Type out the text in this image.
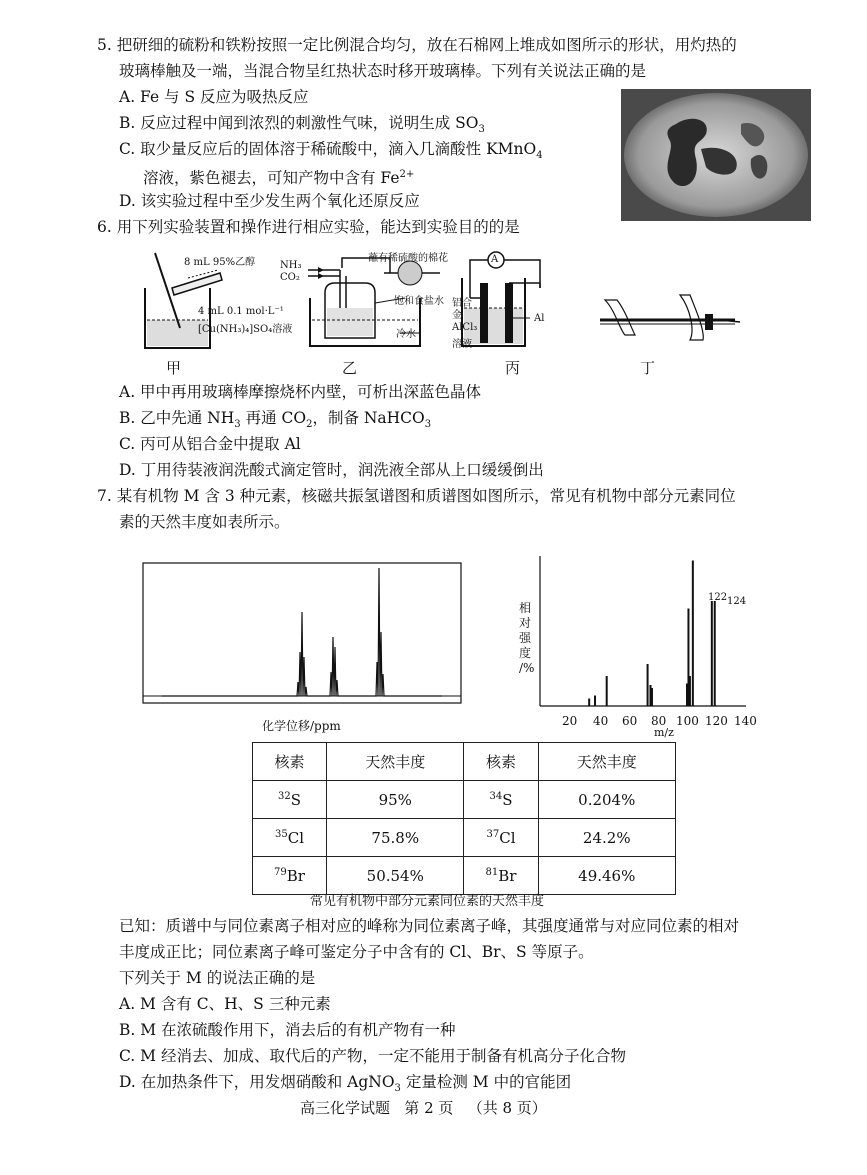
5. 把研细的硫粉和铁粉按照一定比例混合均匀，放在石棉网上堆成如图所示的形状，用灼热的
玻璃棒触及一端，当混合物呈红热状态时移开玻璃棒。下列有关说法正确的是
A. Fe 与 S 反应为吸热反应
B. 反应过程中闻到浓烈的刺激性气味，说明生成 $SO_3$
C. 取少量反应后的固体溶于稀硫酸中，滴入几滴酸性 KMnO$_4$
溶液，紫色褪去，可知产物中含有 $Fe^{2+}$
D. 该实验过程中至少发生两个氧化还原反应
6. 用下列实验装置和操作进行相应实验，能达到实验目的的是
8 mL 95%乙醇
4 mL 0.1 mol·L⁻¹
[Cu(NH₃)₄]SO₄溶液
NH₃
CO₂
蘸有稀硫酸的棉花
饱和食盐水
冷水
A
铝合
金
AlCl₃
溶液
Al
甲	乙	丙	丁
A. 甲中再用玻璃棒摩擦烧杯内壁，可析出深蓝色晶体
B. 乙中先通 $NH_3$ 再通 $CO_2$，制备 NaHCO$_3$
C. 丙可从铝合金中提取 Al
D. 丁用待装液润洗酸式滴定管时，润洗液全部从上口缓缓倒出
7. 某有机物 M 含 3 种元素，核磁共振氢谱图和质谱图如图所示，常见有机物中部分元素同位
素的天然丰度如表所示。
化学位移/ppm
相
对
强
度
/%
20 40 60 80 100 120 140
m/z
122 124
核素	天然丰度	核素	天然丰度
$^{32}$S	95%	$^{34}$S	0.204%
$^{35}$Cl	75.8%	$^{37}$Cl	24.2%
$^{79}$Br	50.54%	$^{81}$Br	49.46%
常见有机物中部分元素同位素的天然丰度
已知：质谱中与同位素离子相对应的峰称为同位素离子峰，其强度通常与对应同位素的相对
丰度成正比；同位素离子峰可鉴定分子中含有的 Cl、Br、S 等原子。
下列关于 M 的说法正确的是
A. M 含有 C、H、S 三种元素
B. M 在浓硫酸作用下，消去后的有机产物有一种
C. M 经消去、加成、取代后的产物，一定不能用于制备有机高分子化合物
D. 在加热条件下，用发烟硝酸和 AgNO$_3$ 定量检测 M 中的官能团
高三化学试题   第 2 页   （共 8 页）
